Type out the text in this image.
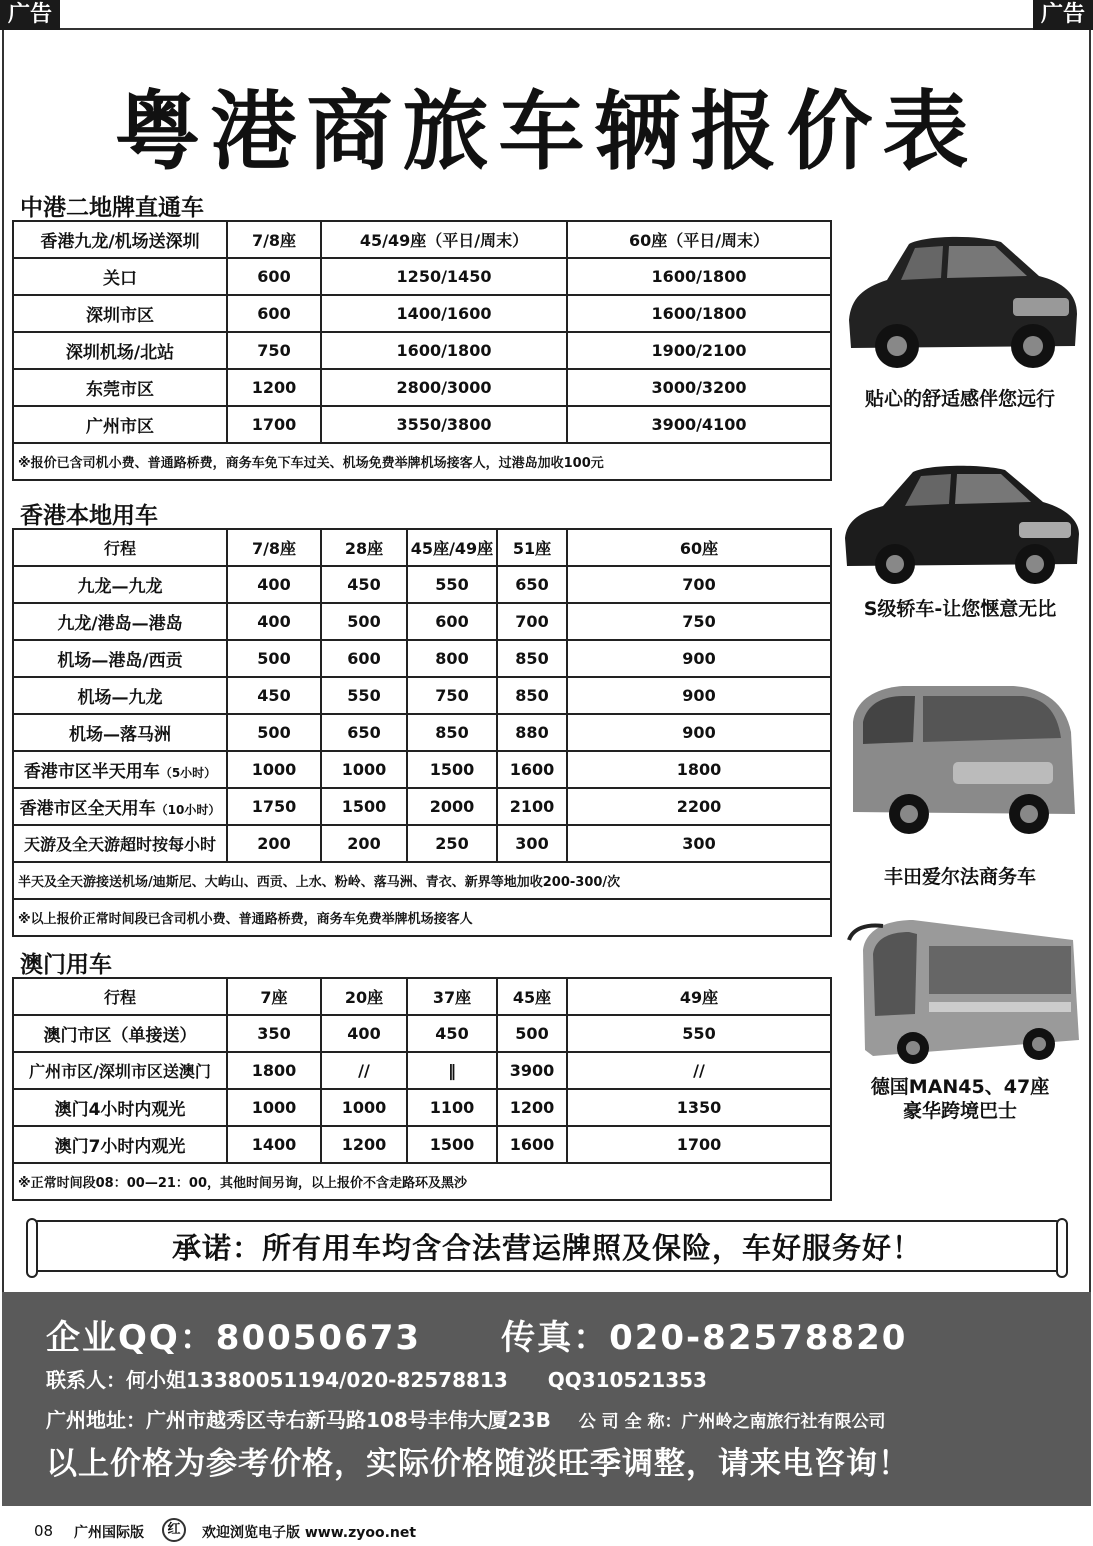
广告	广告
粤港商旅车辆报价表
中港二地牌直通车
香港九龙/机场送深圳	7/8座	45/49座（平日/周末）	60座（平日/周末）
关口	600	1250/1450	1600/1800
深圳市区	600	1400/1600	1600/1800
深圳机场/北站	750	1600/1800	1900/2100
东莞市区	1200	2800/3000	3000/3200
广州市区	1700	3550/3800	3900/4100
※报价已含司机小费、普通路桥费，商务车免下车过关、机场免费举牌机场接客人，过港岛加收100元			
香港本地用车
行程	7/8座	28座	45座/49座	51座	60座
九龙—九龙	400	450	550	650	700
九龙/港岛—港岛	400	500	600	700	750
机场—港岛/西贡	500	600	800	850	900
机场—九龙	450	550	750	850	900
机场—落马洲	500	650	850	880	900
香港市区半天用车（5小时）	1000	1000	1500	1600	1800
香港市区全天用车（10小时）	1750	1500	2000	2100	2200
天游及全天游超时按每小时	200	200	250	300	300
半天及全天游接送机场/迪斯尼、大屿山、西贡、上水、粉岭、落马洲、青衣、新界等地加收200-300/次					
※以上报价正常时间段已含司机小费、普通路桥费，商务车免费举牌机场接客人					
澳门用车
行程	7座	20座	37座	45座	49座
澳门市区（单接送）	350	400	450	500	550
广州市区/深圳市区送澳门	1800	//	‖	3900	//
澳门4小时内观光	1000	1000	1100	1200	1350
澳门7小时内观光	1400	1200	1500	1600	1700
※正常时间段08：00—21：00，其他时间另询，以上报价不含走路环及黑沙					
贴心的舒适感伴您远行
S级轿车-让您惬意无比
丰田爱尔法商务车
德国MAN45、47座
豪华跨境巴士
承诺：所有用车均含合法营运牌照及保险，车好服务好！
企业QQ：80050673 传真：020-82578820
联系人：何小姐13380051194/020-82578813 QQ310521353
广州地址：广州市越秀区寺右新马路108号丰伟大厦23B 公 司 全 称：广州岭之南旅行社有限公司
以上价格为参考价格，实际价格随淡旺季调整，请来电咨询！
08 广州国际版	红	欢迎浏览电子版 www.zyoo.net
